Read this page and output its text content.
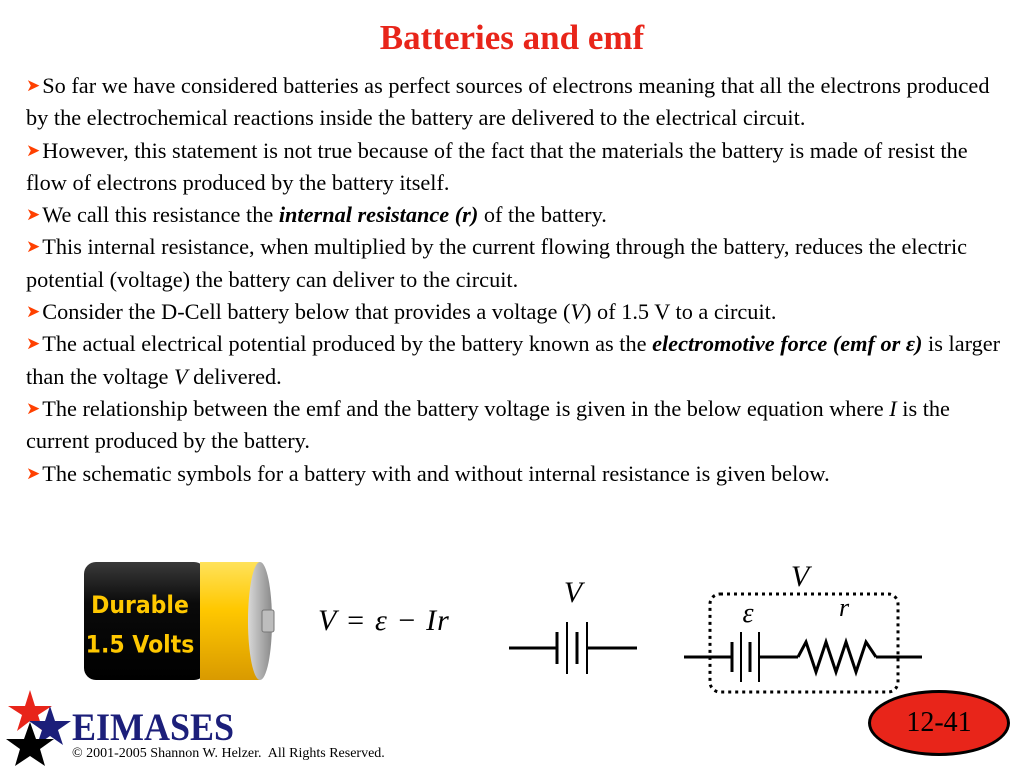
Batteries and emf

➤So far we have considered batteries as perfect sources of electrons meaning that all the electrons produced by the electrochemical reactions inside the battery are delivered to the electrical circuit.

➤However, this statement is not true because of the fact that the materials the battery is made of resist the flow of electrons produced by the battery itself.

➤We call this resistance the internal resistance (r) of the battery.

➤This internal resistance, when multiplied by the current flowing through the battery, reduces the electric potential (voltage) the battery can deliver to the circuit.

➤Consider the D-Cell battery below that provides a voltage (V) of 1.5 V to a circuit.

➤The actual electrical potential produced by the battery known as the electromotive force (emf or ε) is larger than the voltage V delivered.

➤The relationship between the emf and the battery voltage is given in the below equation where I is the current produced by the battery.

➤The schematic symbols for a battery with and without internal resistance is given below.

Durable
1.5 Volts
V = ε − Ir
V	V
ε	r
EIMASES
© 2001-2005 Shannon W. Helzer.  All Rights Reserved.
12-41
